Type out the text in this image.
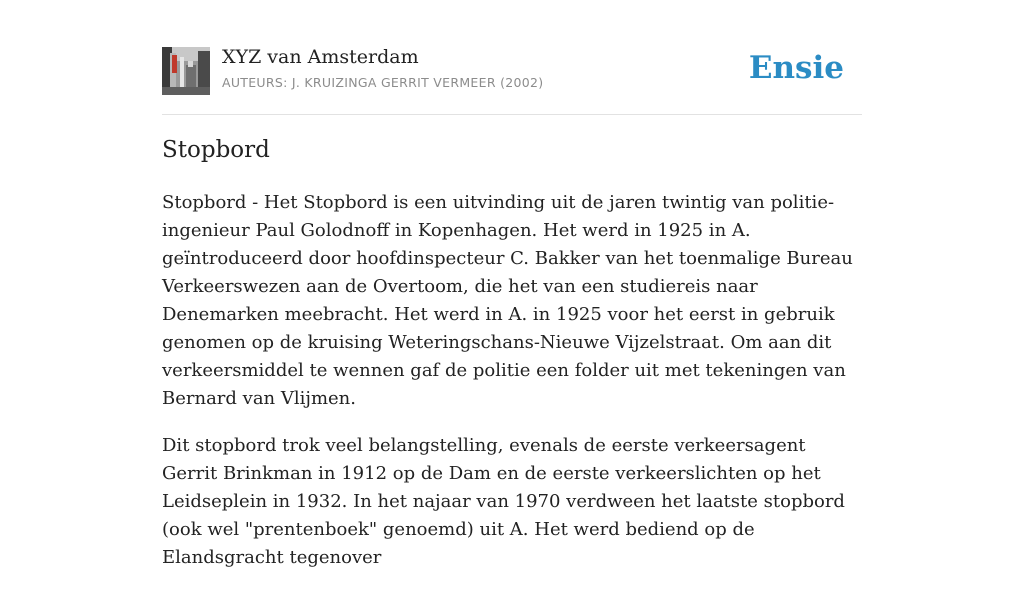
XYZ van Amsterdam
AUTEURS: J. KRUIZINGA GERRIT VERMEER (2002)	Ensie
Stopbord

Stopbord - Het Stopbord is een uitvinding uit de jaren twintig van politie-ingenieur Paul Golodnoff in Kopenhagen. Het werd in 1925 in A. geïntroduceerd door hoofdinspecteur C. Bakker van het toenmalige Bureau Verkeerswezen aan de Overtoom, die het van een studiereis naar Denemarken meebracht. Het werd in A. in 1925 voor het eerst in gebruik genomen op de kruising Weteringschans-Nieuwe Vijzelstraat. Om aan dit verkeersmiddel te wennen gaf de politie een folder uit met tekeningen van Bernard van Vlijmen.

Dit stopbord trok veel belangstelling, evenals de eerste verkeersagent Gerrit Brinkman in 1912 op de Dam en de eerste verkeerslichten op het Leidseplein in 1932. In het najaar van 1970 verdween het laatste stopbord (ook wel "prentenboek" genoemd) uit A. Het werd bediend op de Elandsgracht tegenover
